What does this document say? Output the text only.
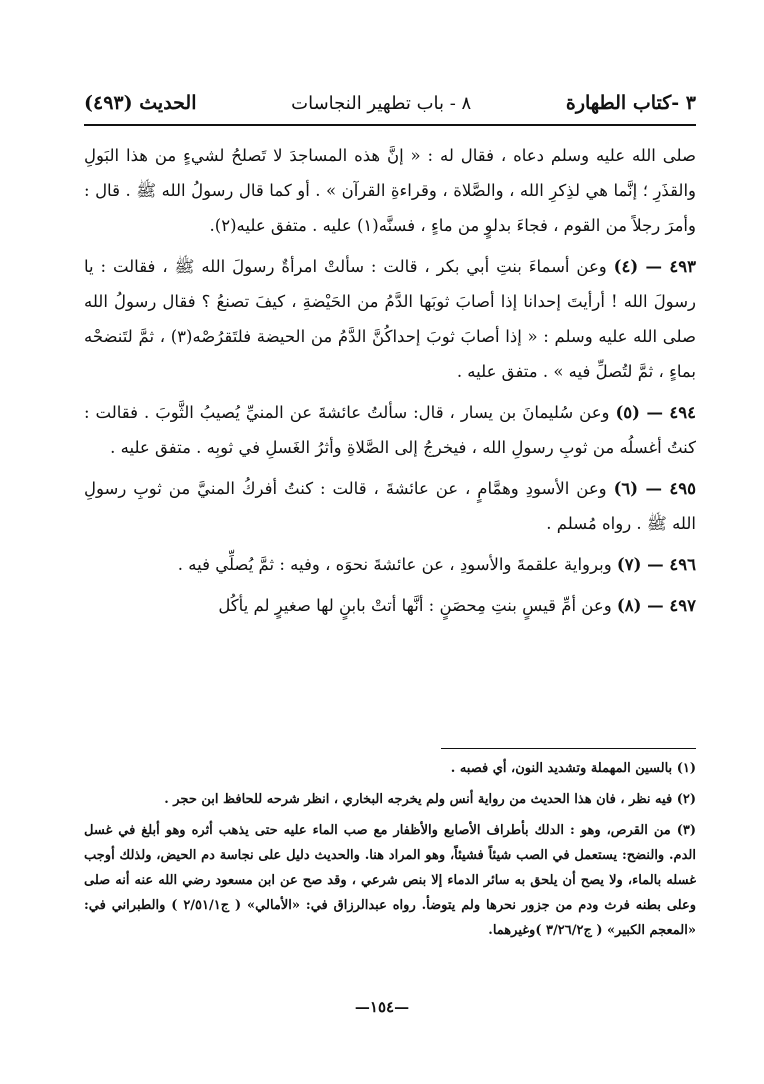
٣ -كتاب الطهارة
٨ - باب تطهير النجاسات
الحديث (٤٩٣)

صلى الله عليه وسلم دعاه ، فقال له : « إنَّ هذه المساجدَ لا تَصلحُ لشيءٍ من هذا البَولِ والقذَرِ ؛ إنَّما هي لذِكرِ الله ، والصَّلاة ، وقراءةِ القرآن » . أو كما قال رسولُ الله ﷺ . قال : وأمرَ رجلاً من القوم ، فجاءَ بدلوٍ من ماءٍ ، فسنَّه(١) عليه . متفق عليه(٢).

٤٩٣ — (٤) وعن أسماءَ بنتِ أبي بكر ، قالت : سألتْ امرأةٌ رسولَ الله ﷺ ، فقالت : يا رسولَ الله ! أرأيتَ إحدانا إذا أصابَ ثوبَها الدَّمُ من الحَيْضةِ ، كيفَ تصنعُ ؟ فقال رسولُ الله صلى الله عليه وسلم : « إذا أصابَ ثوبَ إحداكُنَّ الدَّمُ من الحيضة فلتَقرُصْه(٣) ، ثمَّ لتَنضحْه بماءٍ ، ثمَّ لتُصلِّ فيه » . متفق عليه .

٤٩٤ — (٥) وعن سُليمانَ بن يسار ، قال: سألتُ عائشةَ عن المنيِّ يُصيبُ الثَّوبَ . فقالت : كنتُ أغسلُه من ثوبِ رسولِ الله ، فيخرجُ إلى الصَّلاةِ وأثرُ الغَسلِ في ثوبِه . متفق عليه .

٤٩٥ — (٦) وعن الأسودِ وهمَّامٍ ، عن عائشةَ ، قالت : كنتُ أفركُ المنيَّ من ثوبِ رسولِ الله ﷺ . رواه مُسلم .

٤٩٦ — (٧) وبرواية علقمةَ والأسودِ ، عن عائشةَ نحوَه ، وفيه : ثمَّ يُصلِّي فيه .

٤٩٧ — (٨) وعن أمِّ قيسٍ بنتِ مِحصَنٍ : أنَّها أتتْ بابنٍ لها صغيرٍ لم يأكُل

(١) بالسين المهملة وتشديد النون، أي فصبه .

(٢) فيه نظر ، فان هذا الحديث من رواية أنس ولم يخرجه البخاري ، انظر شرحه للحافظ ابن حجر .

(٣) من القرص، وهو : الدلك بأطراف الأصابع والأظفار مع صب الماء عليه حتى يذهب أثره وهو أبلغ في غسل الدم. والنضح: يستعمل في الصب شيئاً فشيئاً، وهو المراد هنا. والحديث دليل على نجاسة دم الحيض، ولذلك أوجب غسله بالماء، ولا يصح أن يلحق به سائر الدماء إلا بنص شرعي ، وقد صح عن ابن مسعود رضي الله عنه أنه صلى وعلى بطنه فرث ودم من جزور نحرها ولم يتوضأ. رواه عبدالرزاق في: «الأمالي» ( ج٢/٥١/١ ) والطبراني في: «المعجم الكبير» ( ج٣/٢٦/٢ )وغيرهما.

—١٥٤—
